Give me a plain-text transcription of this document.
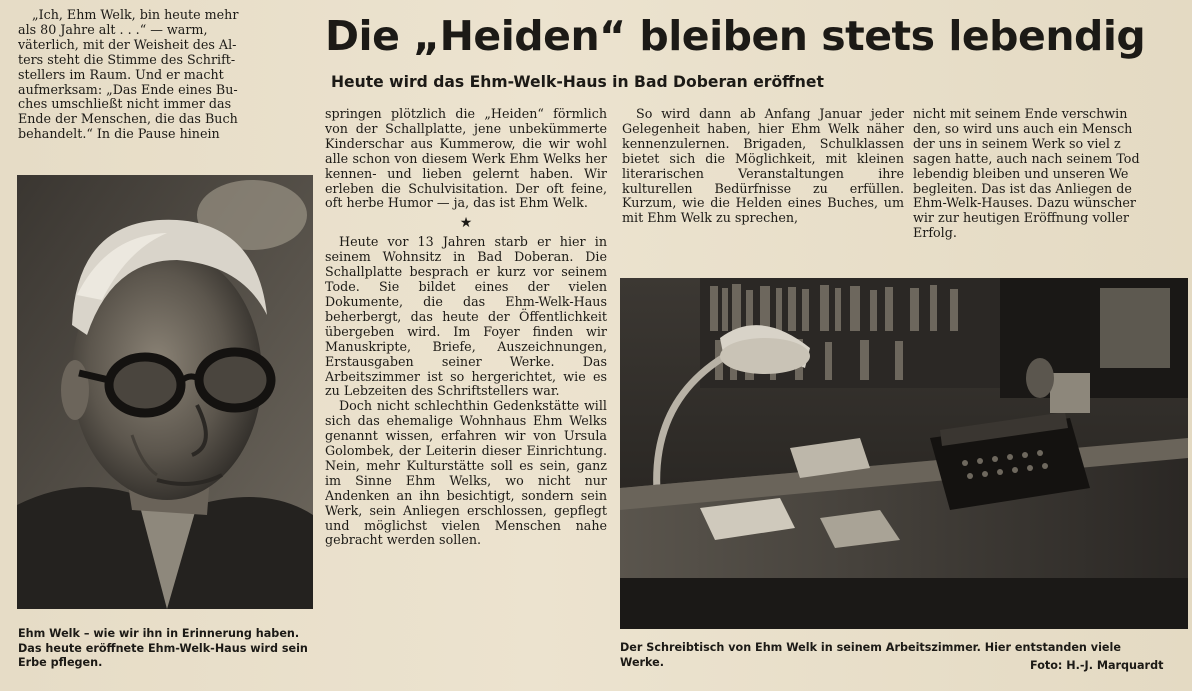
„Ich, Ehm Welk, bin heute mehr
als 80 Jahre alt . . .“ — warm,
väterlich, mit der Weisheit des Al-
ters steht die Stimme des Schrift-
stellers im Raum. Und er macht
aufmerksam: „Das Ende eines Bu-
ches umschließt nicht immer das
Ende der Menschen, die das Buch
behandelt.“ In die Pause hinein
Die „Heiden“ bleiben stets lebendig
Heute wird das Ehm-Welk-Haus in Bad Doberan eröffnet

Ehm Welk – wie wir ihn in Erinnerung haben. Das heute eröffnete Ehm-Welk-Haus wird sein Erbe pflegen.

springen plötzlich die „Heiden“ förmlich von der Schallplatte, jene unbekümmerte Kinderschar aus Kummerow, die wir wohl alle schon von diesem Werk Ehm Welks her kennen- und lieben gelernt haben. Wir erleben die Schulvisitation. Der oft feine, oft herbe Humor — ja, das ist Ehm Welk.

★

Heute vor 13 Jahren starb er hier in seinem Wohnsitz in Bad Doberan. Die Schallplatte besprach er kurz vor seinem Tode. Sie bildet eines der vielen Dokumente, die das Ehm-Welk-Haus beherbergt, das heute der Öffentlichkeit übergeben wird. Im Foyer finden wir Manuskripte, Briefe, Auszeichnungen, Erstausgaben seiner Werke. Das Arbeitszimmer ist so hergerichtet, wie es zu Lebzeiten des Schriftstellers war.

Doch nicht schlechthin Gedenkstätte will sich das ehemalige Wohnhaus Ehm Welks genannt wissen, erfahren wir von Ursula Golombek, der Leiterin dieser Einrichtung. Nein, mehr Kulturstätte soll es sein, ganz im Sinne Ehm Welks, wo nicht nur Andenken an ihn besichtigt, sondern sein Werk, sein Anliegen erschlossen, gepflegt und möglichst vielen Menschen nahe gebracht werden sollen.

So wird dann ab Anfang Januar jeder Gelegenheit haben, hier Ehm Welk näher kennenzulernen. Brigaden, Schulklassen bietet sich die Möglichkeit, mit kleinen literarischen Veranstaltungen ihre kulturellen Bedürfnisse zu erfüllen. Kurzum, wie die Helden eines Buches, um mit Ehm Welk zu sprechen,

nicht mit seinem Ende verschwin
den, so wird uns auch ein Mensch
der uns in seinem Werk so viel z
sagen hatte, auch nach seinem Tod
lebendig bleiben und unseren We
begleiten. Das ist das Anliegen de
Ehm-Welk-Hauses. Dazu wünscher
wir zur heutigen Eröffnung voller
Erfolg.

Der Schreibtisch von Ehm Welk in seinem Arbeitszimmer. Hier entstanden viele

Werke.	Foto: H.-J. Marquardt
